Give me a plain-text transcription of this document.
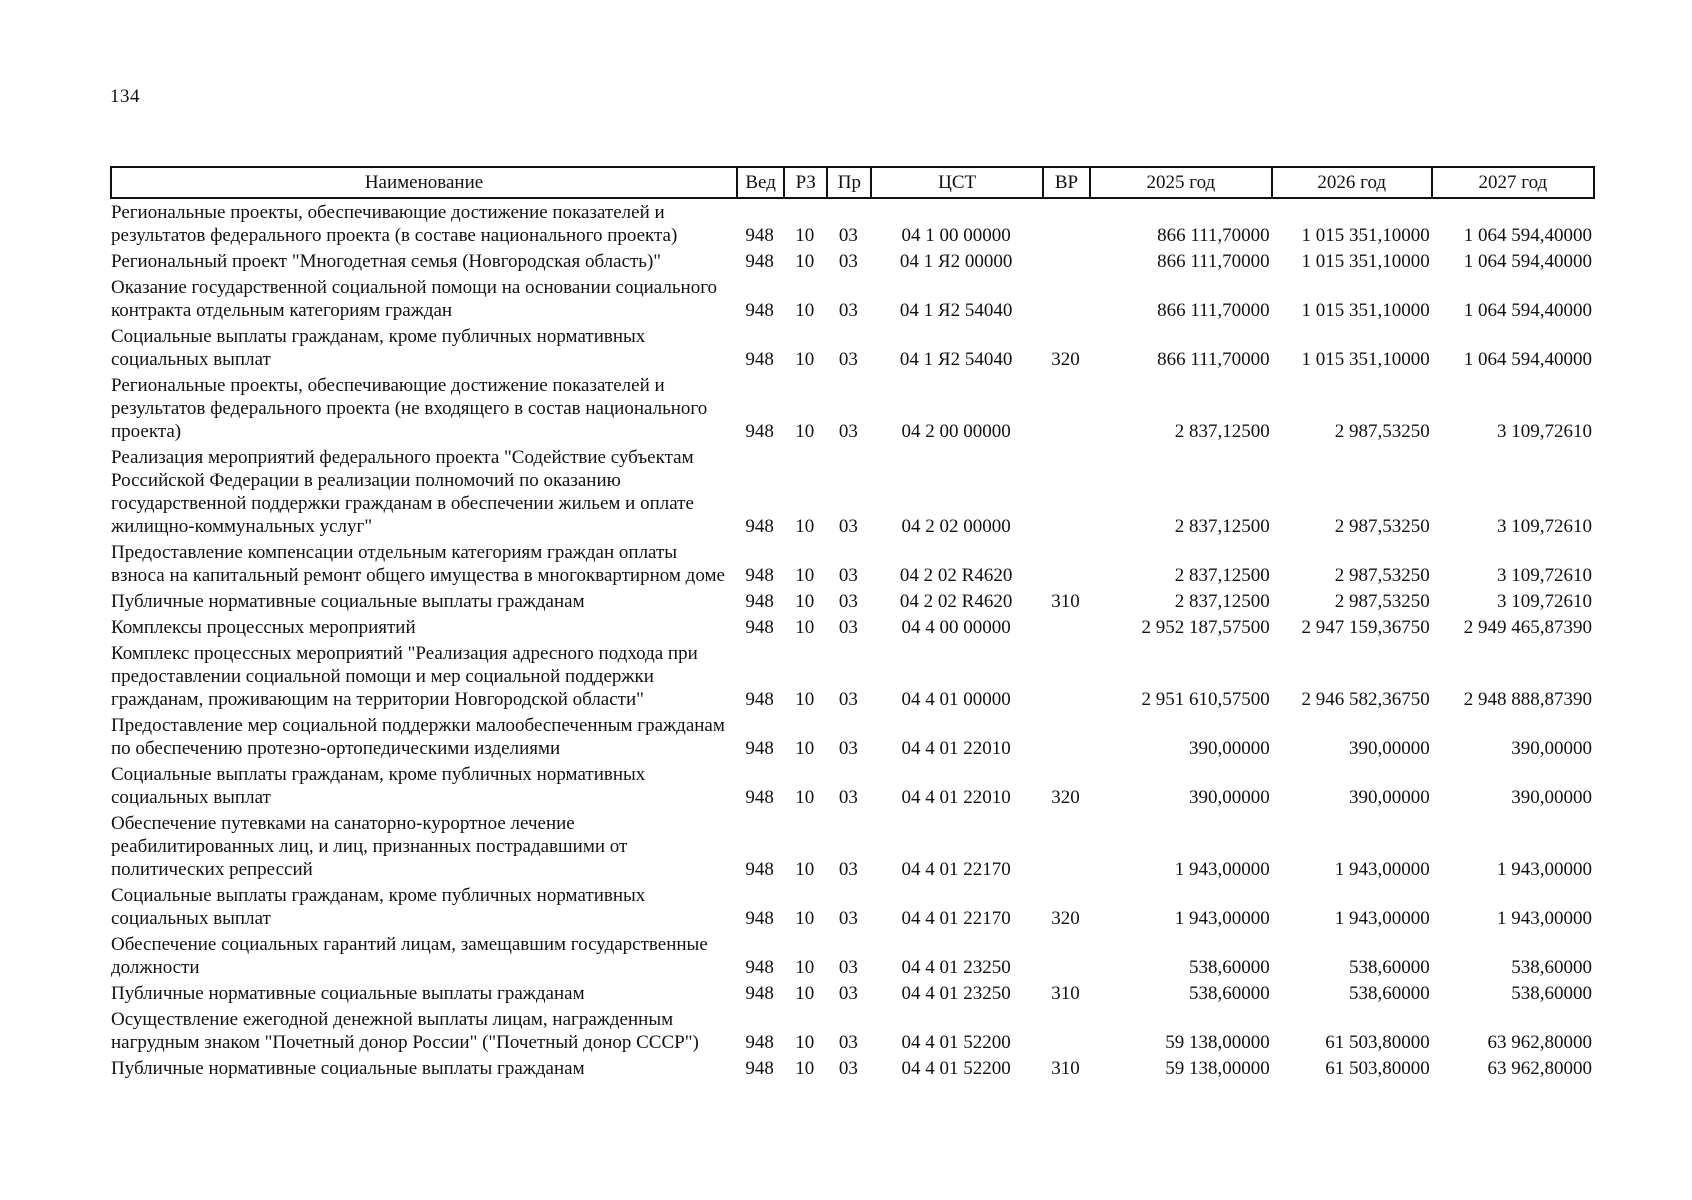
134
Наименование	Вед	РЗ	Пр	ЦСТ	ВР	2025 год	2026 год	2027 год
Региональные проекты, обеспечивающие достижение показателей и результатов федерального проекта (в составе национального проекта)	948	10	03	04 1 00 00000		866 111,70000	1 015 351,10000	1 064 594,40000
Региональный проект "Многодетная семья (Новгородская область)"	948	10	03	04 1 Я2 00000		866 111,70000	1 015 351,10000	1 064 594,40000
Оказание государственной социальной помощи на основании социального контракта отдельным категориям граждан	948	10	03	04 1 Я2 54040		866 111,70000	1 015 351,10000	1 064 594,40000
Социальные выплаты гражданам, кроме публичных нормативных социальных выплат	948	10	03	04 1 Я2 54040	320	866 111,70000	1 015 351,10000	1 064 594,40000
Региональные проекты, обеспечивающие достижение показателей и результатов федерального проекта (не входящего в состав национального проекта)	948	10	03	04 2 00 00000		2 837,12500	2 987,53250	3 109,72610
Реализация мероприятий федерального проекта "Содействие субъектам Российской Федерации в реализации полномочий по оказанию государственной поддержки гражданам в обеспечении жильем и оплате жилищно-коммунальных услуг"	948	10	03	04 2 02 00000		2 837,12500	2 987,53250	3 109,72610
Предоставление компенсации отдельным категориям граждан оплаты взноса на капитальный ремонт общего имущества в многоквартирном доме	948	10	03	04 2 02 R4620		2 837,12500	2 987,53250	3 109,72610
Публичные нормативные социальные выплаты гражданам	948	10	03	04 2 02 R4620	310	2 837,12500	2 987,53250	3 109,72610
Комплексы процессных мероприятий	948	10	03	04 4 00 00000		2 952 187,57500	2 947 159,36750	2 949 465,87390
Комплекс процессных мероприятий "Реализация адресного подхода при предоставлении социальной помощи и мер социальной поддержки гражданам, проживающим на территории Новгородской области"	948	10	03	04 4 01 00000		2 951 610,57500	2 946 582,36750	2 948 888,87390
Предоставление мер социальной поддержки малообеспеченным гражданам по обеспечению протезно-ортопедическими изделиями	948	10	03	04 4 01 22010		390,00000	390,00000	390,00000
Социальные выплаты гражданам, кроме публичных нормативных социальных выплат	948	10	03	04 4 01 22010	320	390,00000	390,00000	390,00000
Обеспечение путевками на санаторно-курортное лечение реабилитированных лиц, и лиц, признанных пострадавшими от политических репрессий	948	10	03	04 4 01 22170		1 943,00000	1 943,00000	1 943,00000
Социальные выплаты гражданам, кроме публичных нормативных социальных выплат	948	10	03	04 4 01 22170	320	1 943,00000	1 943,00000	1 943,00000
Обеспечение социальных гарантий лицам, замещавшим государственные должности	948	10	03	04 4 01 23250		538,60000	538,60000	538,60000
Публичные нормативные социальные выплаты гражданам	948	10	03	04 4 01 23250	310	538,60000	538,60000	538,60000
Осуществление ежегодной денежной выплаты лицам, награжденным нагрудным знаком "Почетный донор России" ("Почетный донор СССР")	948	10	03	04 4 01 52200		59 138,00000	61 503,80000	63 962,80000
Публичные нормативные социальные выплаты гражданам	948	10	03	04 4 01 52200	310	59 138,00000	61 503,80000	63 962,80000
